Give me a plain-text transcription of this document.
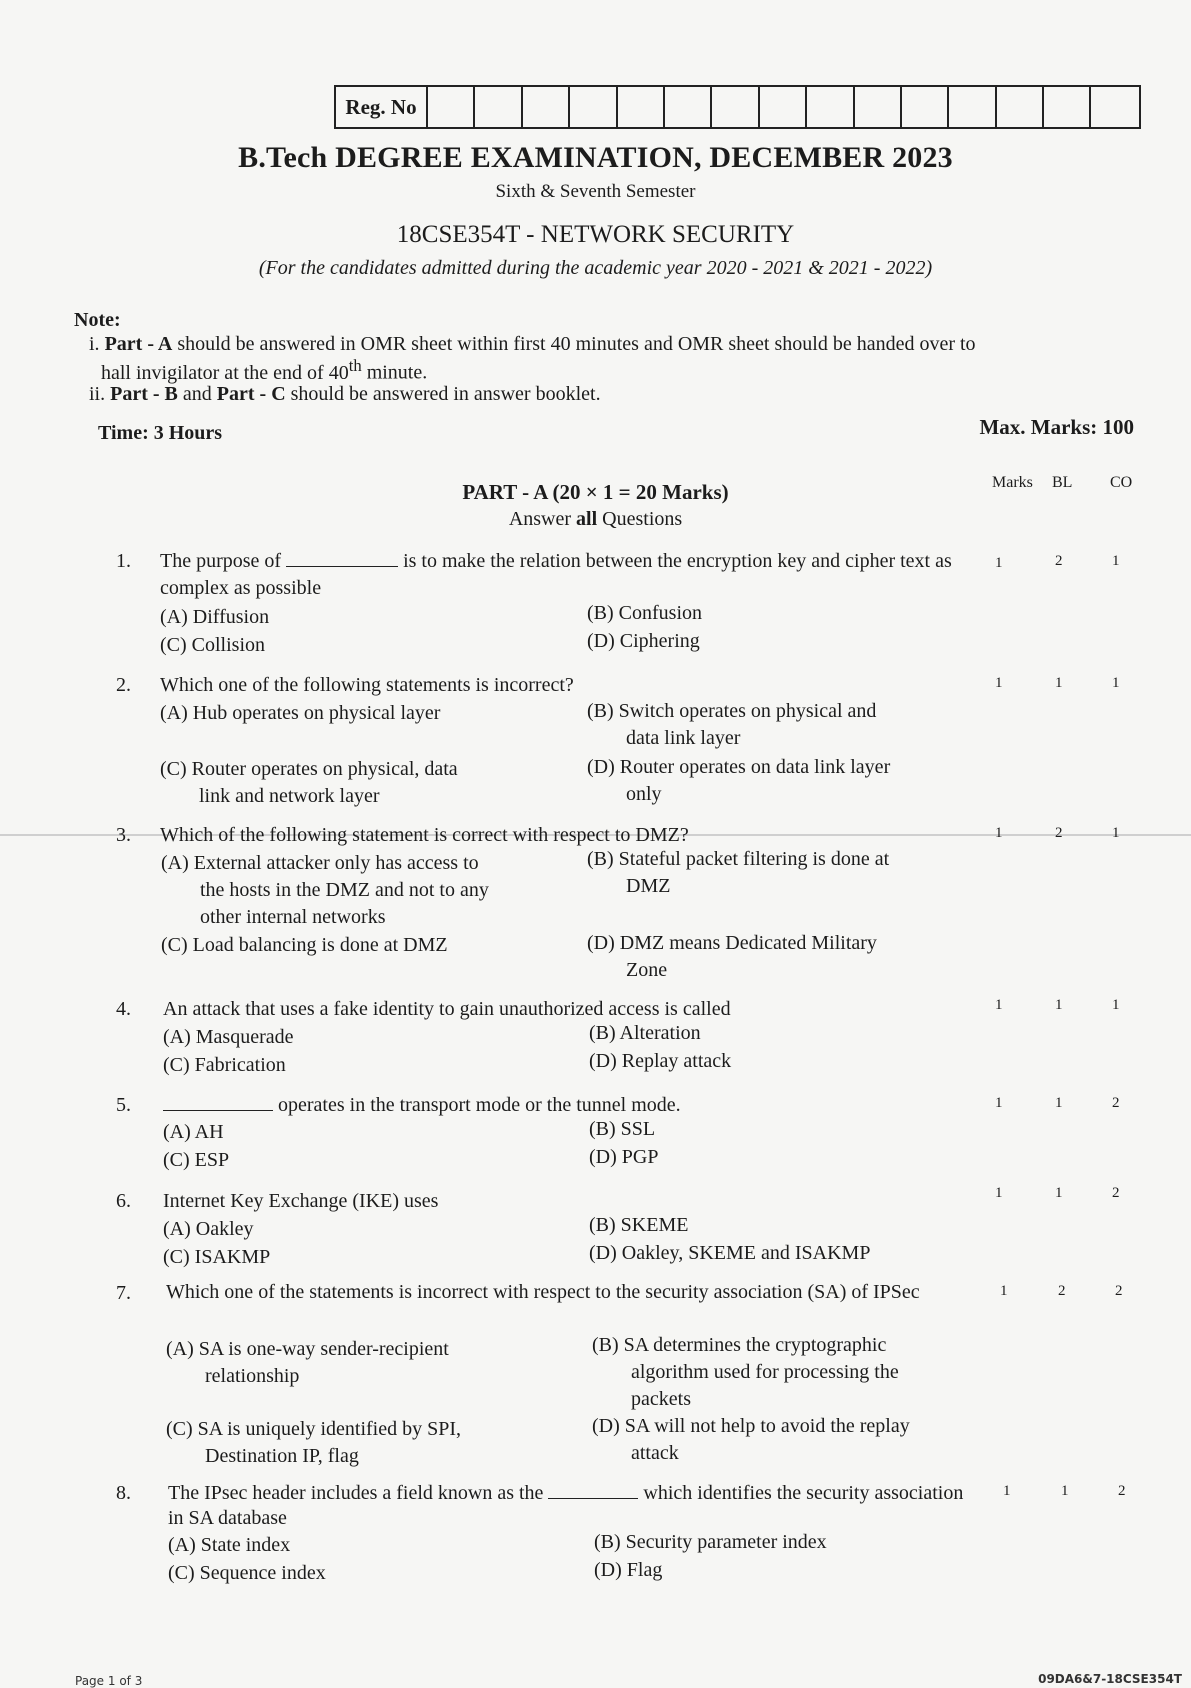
Reg. No
B.Tech DEGREE EXAMINATION, DECEMBER 2023
Sixth & Seventh Semester
18CSE354T - NETWORK SECURITY
(For the candidates admitted during the academic year 2020 - 2021 & 2021 - 2022)
Note:
i. Part - A should be answered in OMR sheet within first 40 minutes and OMR sheet should be handed over to
hall invigilator at the end of 40th minute.
ii. Part - B and Part - C should be answered in answer booklet.
Time: 3 Hours	Max. Marks: 100
PART - A (20 × 1 = 20 Marks)
Answer all Questions
Marks BL CO
1. The purpose of	is to make the relation between the encryption key and cipher text as complex as possible
1	2	1
(A) Diffusion	(B) Confusion
(C) Collision	(D) Ciphering
2. Which one of the following statements is incorrect?	1	1	1
(A) Hub operates on physical layer	(B) Switch operates on physical and
data link layer
(C) Router operates on physical, data
link and network layer
(D) Router operates on data link layer
only
3. Which of the following statement is correct with respect to DMZ?	1	2	1
(A) External attacker only has access to
the hosts in the DMZ and not to any
other internal networks
(B) Stateful packet filtering is done at
DMZ
(C) Load balancing is done at DMZ	(D) DMZ means Dedicated Military
Zone
4. An attack that uses a fake identity to gain unauthorized access is called	1	1	1
(A) Masquerade	(B) Alteration
(C) Fabrication	(D) Replay attack
5.	operates in the transport mode or the tunnel mode.	1	1	2
(A) AH	(B) SSL
(C) ESP	(D) PGP
6. Internet Key Exchange (IKE) uses	1	1	2
(A) Oakley	(B) SKEME
(C) ISAKMP	(D) Oakley, SKEME and ISAKMP
7. Which one of the statements is incorrect with respect to the security association (SA) of IPSec	1	2	2
(A) SA is one-way sender-recipient
relationship
(B) SA determines the cryptographic
algorithm used for processing the
packets
(C) SA is uniquely identified by SPI,
Destination IP, flag
(D) SA will not help to avoid the replay
attack
8. The IPsec header includes a field known as the	which identifies the security association in SA database
1	1	2
(A) State index	(B) Security parameter index
(C) Sequence index	(D) Flag
Page 1 of 3	09DA6&7-18CSE354T
